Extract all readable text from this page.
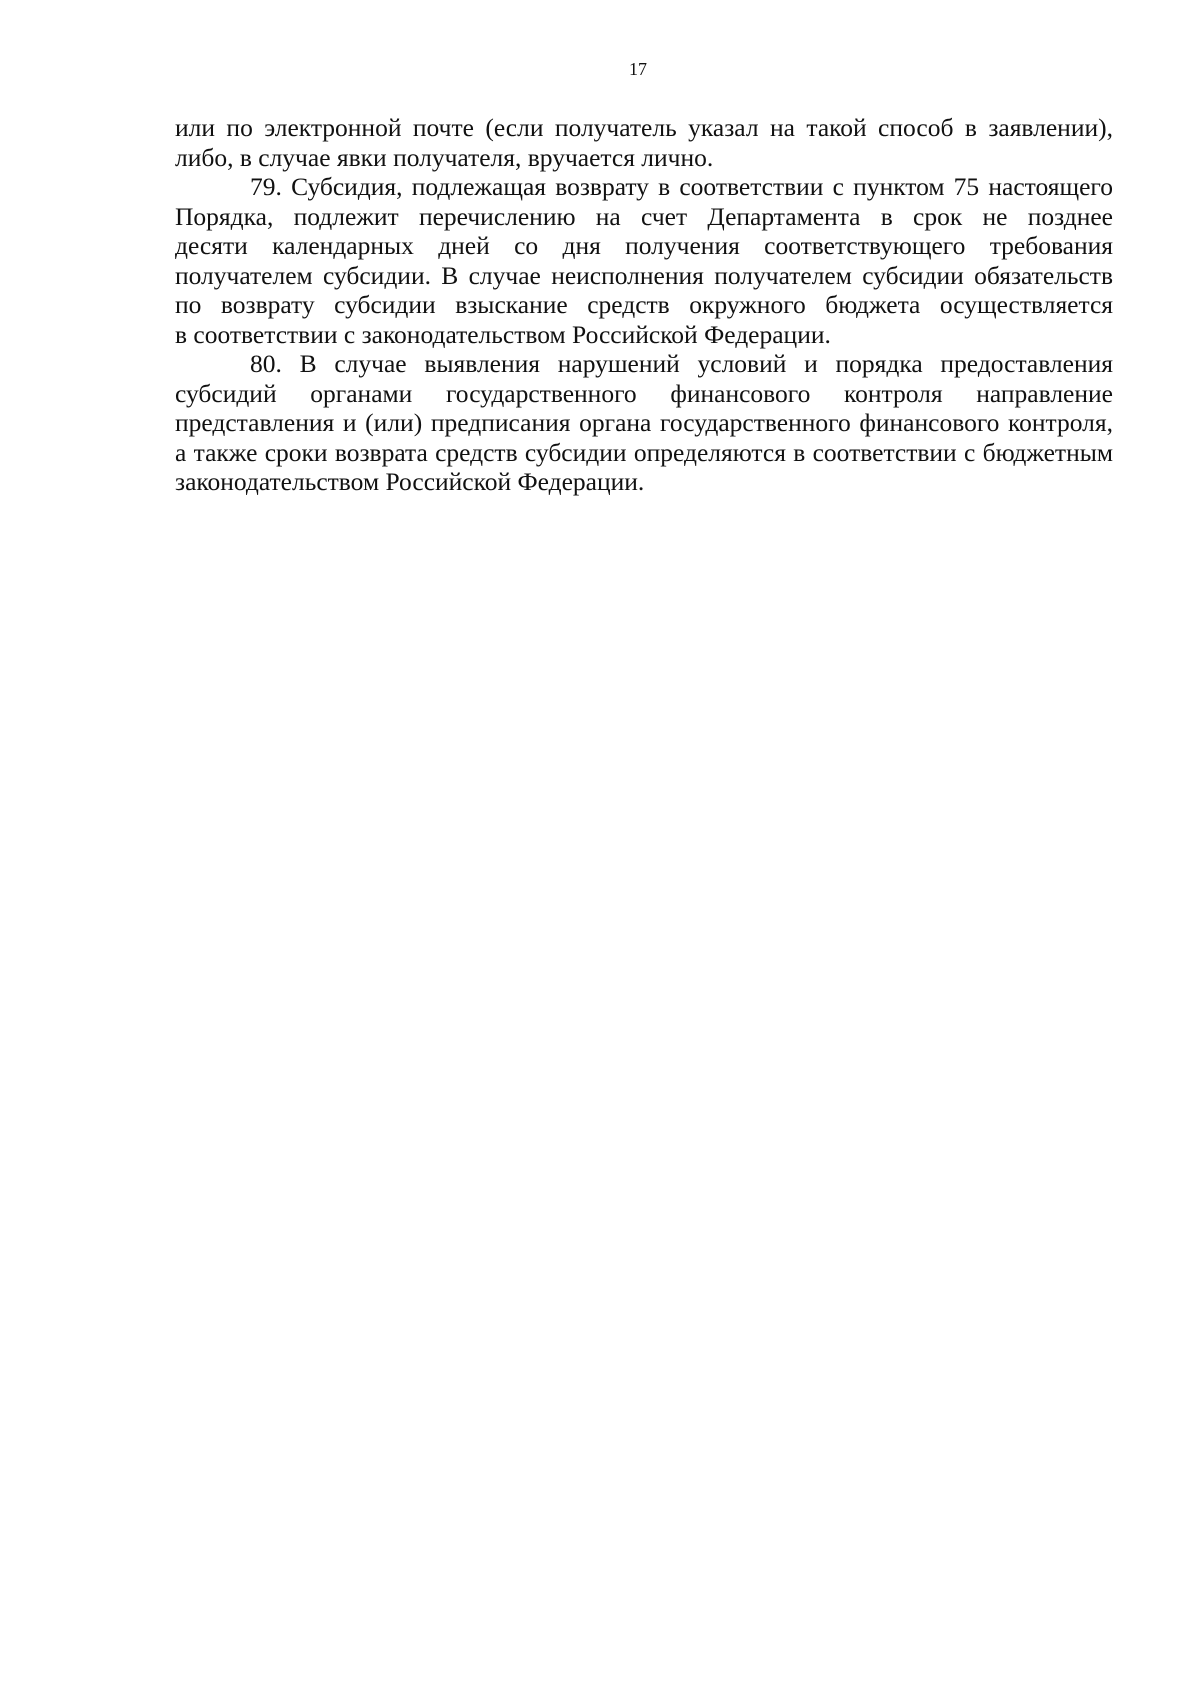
17
или по электронной почте (если получатель указал на такой способ в заявлении),
либо, в случае явки получателя, вручается лично.
79. Субсидия, подлежащая возврату в соответствии с пунктом 75 настоящего
Порядка, подлежит перечислению на счет Департамента в срок не позднее
десяти календарных дней со дня получения соответствующего требования
получателем субсидии. В случае неисполнения получателем субсидии обязательств
по возврату субсидии взыскание средств окружного бюджета осуществляется
в соответствии с законодательством Российской Федерации.
80. В случае выявления нарушений условий и порядка предоставления
субсидий органами государственного финансового контроля направление
представления и (или) предписания органа государственного финансового контроля,
а также сроки возврата средств субсидии определяются в соответствии с бюджетным
законодательством Российской Федерации.
